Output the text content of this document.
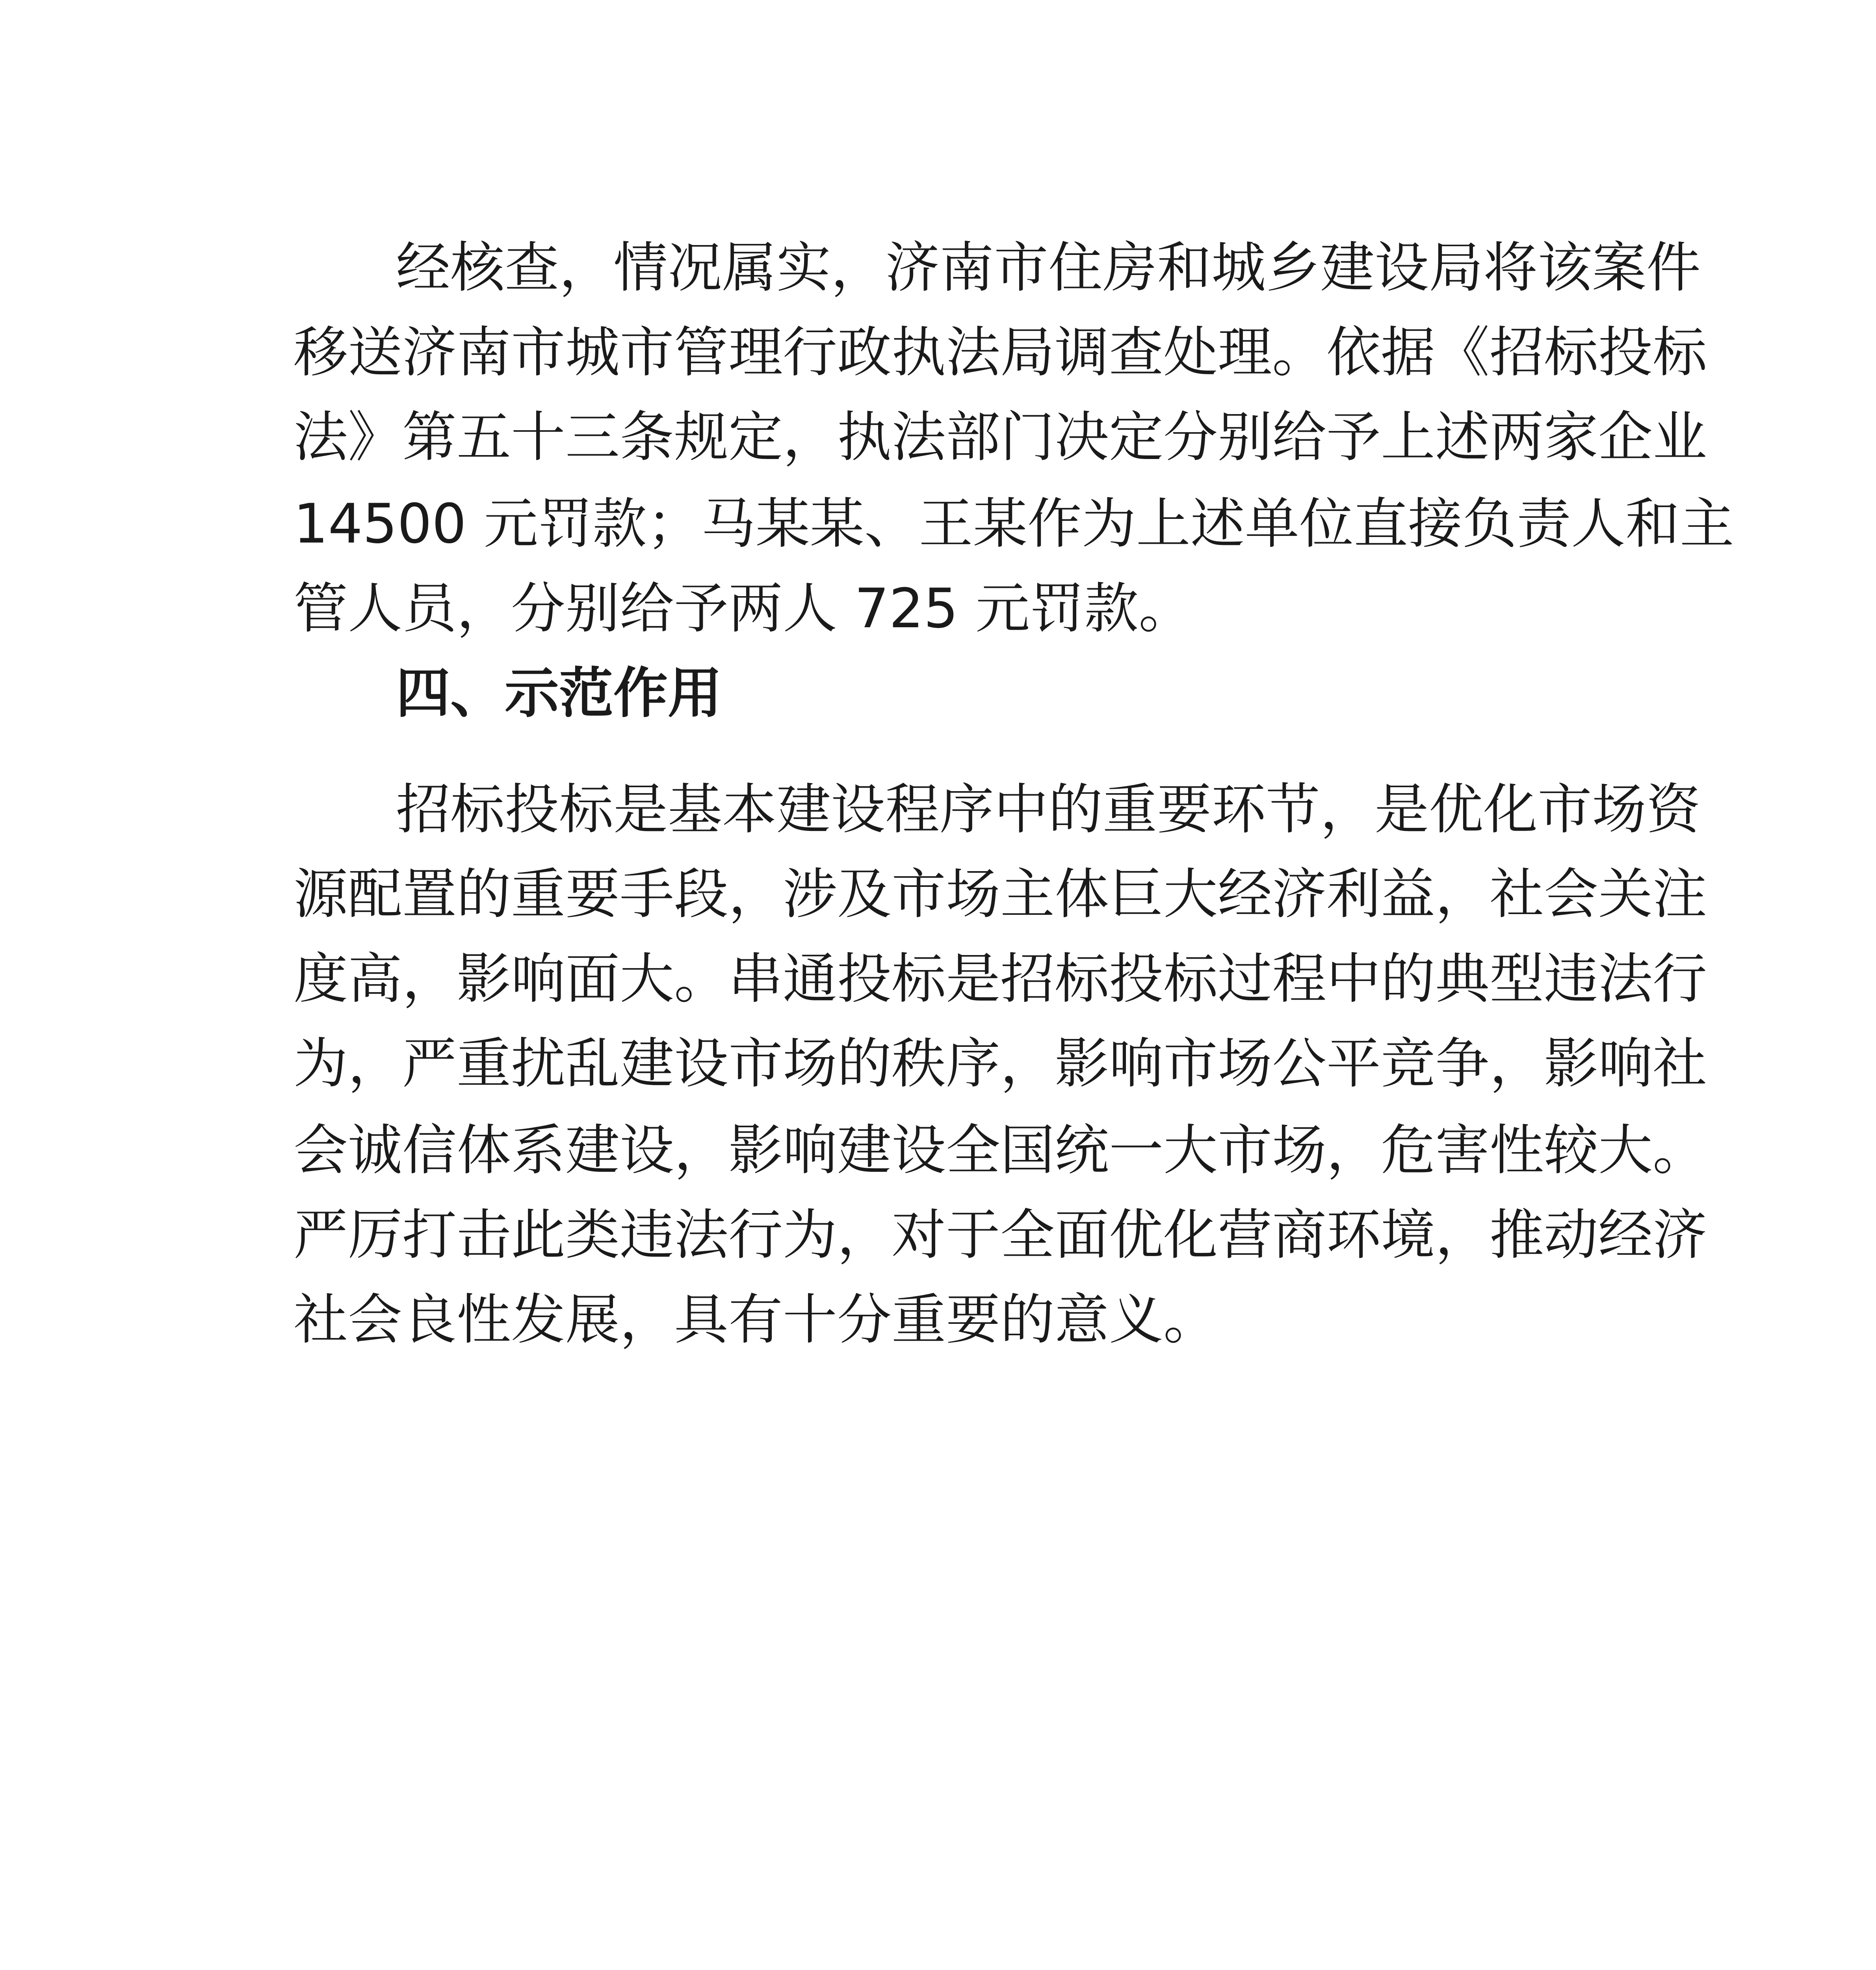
经核查，情况属实，济南市住房和城乡建设局将该案件

移送济南市城市管理行政执法局调查处理。依据《招标投标

法》第五十三条规定，执法部门决定分别给予上述两家企业

14500 元罚款；马某某、王某作为上述单位直接负责人和主

管人员，分别给予两人 725 元罚款。

四、示范作用

招标投标是基本建设程序中的重要环节，是优化市场资

源配置的重要手段，涉及市场主体巨大经济利益，社会关注

度高，影响面大。串通投标是招标投标过程中的典型违法行

为，严重扰乱建设市场的秩序，影响市场公平竞争，影响社

会诚信体系建设，影响建设全国统一大市场，危害性较大。

严厉打击此类违法行为，对于全面优化营商环境，推动经济

社会良性发展，具有十分重要的意义。
